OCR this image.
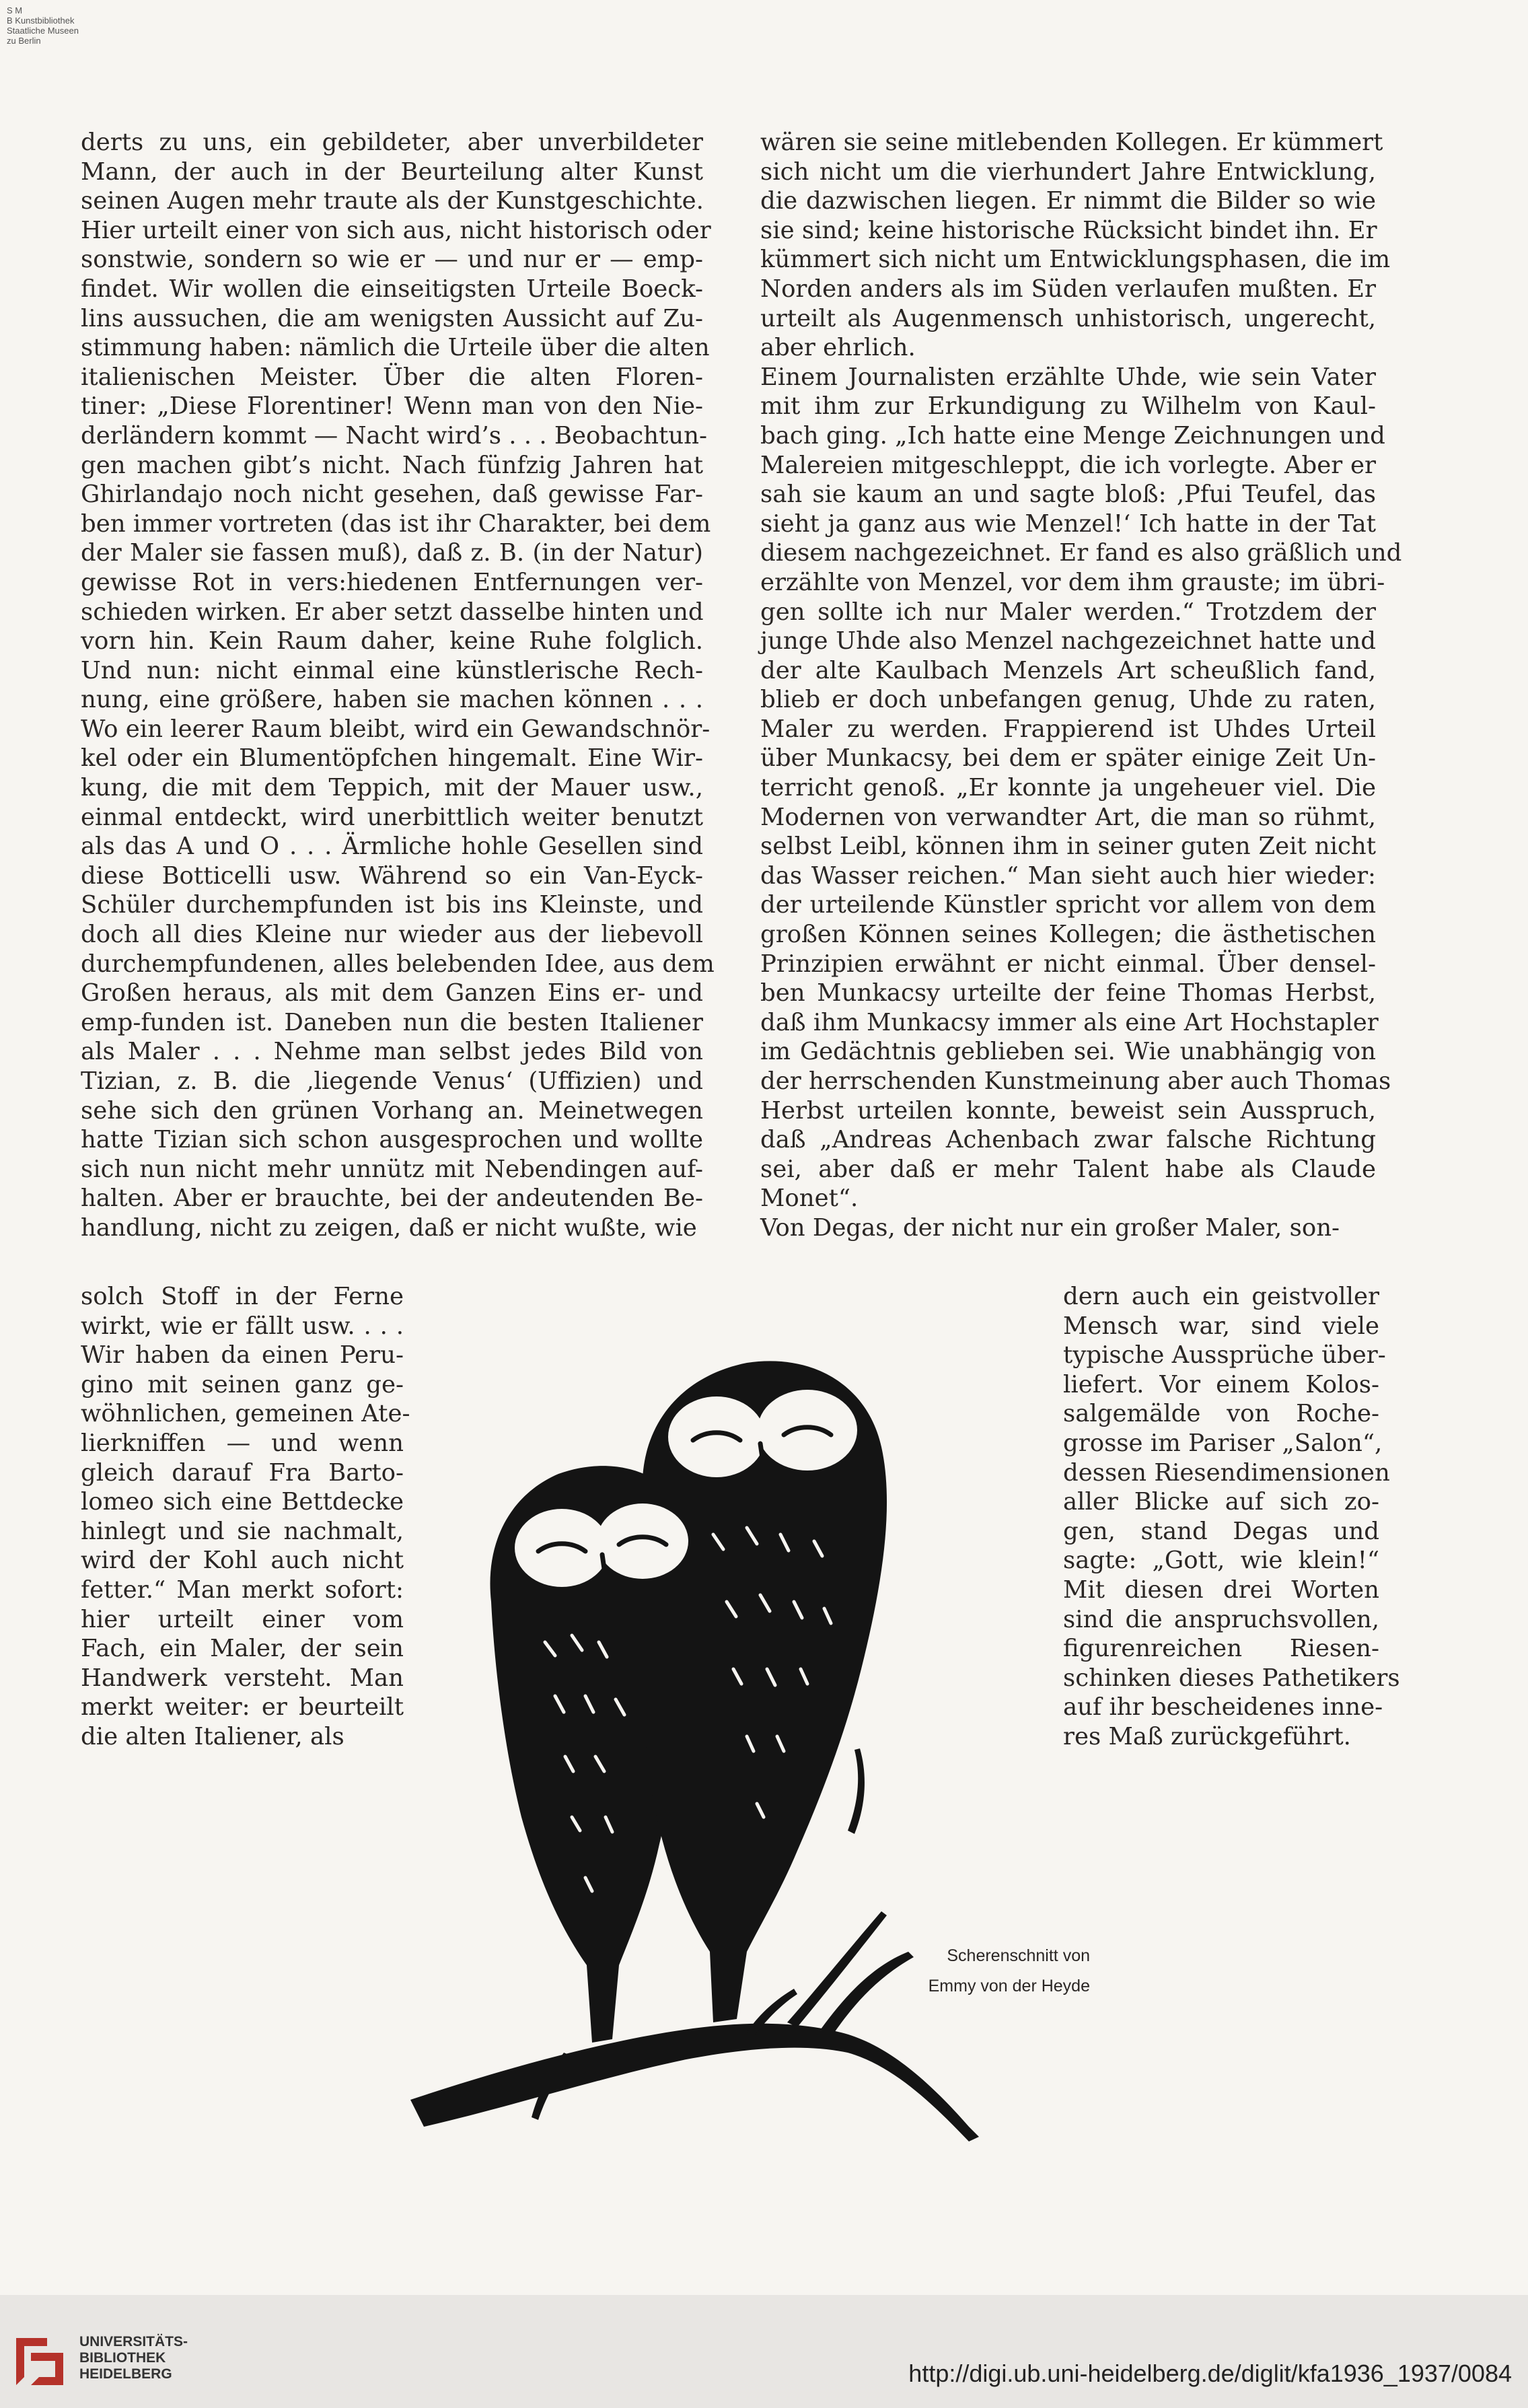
S M
B Kunstbibliothek
Staatliche Museen
zu Berlin
derts zu uns, ein gebildeter, aber unverbildeter
Mann, der auch in der Beurteilung alter Kunst
seinen Augen mehr traute als der Kunstgeschichte.
Hier urteilt einer von sich aus, nicht historisch oder
sonstwie, sondern so wie er — und nur er — emp-
findet. Wir wollen die einseitigsten Urteile Boeck-
lins aussuchen, die am wenigsten Aussicht auf Zu-
stimmung haben: nämlich die Urteile über die alten
italienischen Meister. Über die alten Floren-
tiner: „Diese Florentiner! Wenn man von den Nie-
derländern kommt — Nacht wird’s . . . Beobachtun-
gen machen gibt’s nicht. Nach fünfzig Jahren hat
Ghirlandajo noch nicht gesehen, daß gewisse Far-
ben immer vortreten (das ist ihr Charakter, bei dem
der Maler sie fassen muß), daß z. B. (in der Natur)
gewisse Rot in vers:hiedenen Entfernungen ver-
schieden wirken. Er aber setzt dasselbe hinten und
vorn hin. Kein Raum daher, keine Ruhe folglich.
Und nun: nicht einmal eine künstlerische Rech-
nung, eine größere, haben sie machen können . . .
Wo ein leerer Raum bleibt, wird ein Gewandschnör-
kel oder ein Blumentöpfchen hingemalt. Eine Wir-
kung, die mit dem Teppich, mit der Mauer usw.,
einmal entdeckt, wird unerbittlich weiter benutzt
als das A und O . . . Ärmliche hohle Gesellen sind
diese Botticelli usw. Während so ein Van-Eyck-
Schüler durchempfunden ist bis ins Kleinste, und
doch all dies Kleine nur wieder aus der liebevoll
durchempfundenen, alles belebenden Idee, aus dem
Großen heraus, als mit dem Ganzen Eins er- und
emp-funden ist. Daneben nun die besten Italiener
als Maler . . . Nehme man selbst jedes Bild von
Tizian, z. B. die ‚liegende Venus‘ (Uffizien) und
sehe sich den grünen Vorhang an. Meinetwegen
hatte Tizian sich schon ausgesprochen und wollte
sich nun nicht mehr unnütz mit Nebendingen auf-
halten. Aber er brauchte, bei der andeutenden Be-
handlung, nicht zu zeigen, daß er nicht wußte, wie
wären sie seine mitlebenden Kollegen. Er kümmert
sich nicht um die vierhundert Jahre Entwicklung,
die dazwischen liegen. Er nimmt die Bilder so wie
sie sind; keine historische Rücksicht bindet ihn. Er
kümmert sich nicht um Entwicklungsphasen, die im
Norden anders als im Süden verlaufen mußten. Er
urteilt als Augenmensch unhistorisch, ungerecht,
aber ehrlich.
Einem Journalisten erzählte Uhde, wie sein Vater
mit ihm zur Erkundigung zu Wilhelm von Kaul-
bach ging. „Ich hatte eine Menge Zeichnungen und
Malereien mitgeschleppt, die ich vorlegte. Aber er
sah sie kaum an und sagte bloß: ‚Pfui Teufel, das
sieht ja ganz aus wie Menzel!‘ Ich hatte in der Tat
diesem nachgezeichnet. Er fand es also gräßlich und
erzählte von Menzel, vor dem ihm grauste; im übri-
gen sollte ich nur Maler werden.“ Trotzdem der
junge Uhde also Menzel nachgezeichnet hatte und
der alte Kaulbach Menzels Art scheußlich fand,
blieb er doch unbefangen genug, Uhde zu raten,
Maler zu werden. Frappierend ist Uhdes Urteil
über Munkacsy, bei dem er später einige Zeit Un-
terricht genoß. „Er konnte ja ungeheuer viel. Die
Modernen von verwandter Art, die man so rühmt,
selbst Leibl, können ihm in seiner guten Zeit nicht
das Wasser reichen.“ Man sieht auch hier wieder:
der urteilende Künstler spricht vor allem von dem
großen Können seines Kollegen; die ästhetischen
Prinzipien erwähnt er nicht einmal. Über densel-
ben Munkacsy urteilte der feine Thomas Herbst,
daß ihm Munkacsy immer als eine Art Hochstapler
im Gedächtnis geblieben sei. Wie unabhängig von
der herrschenden Kunstmeinung aber auch Thomas
Herbst urteilen konnte, beweist sein Ausspruch,
daß „Andreas Achenbach zwar falsche Richtung
sei, aber daß er mehr Talent habe als Claude
Monet“.
Von Degas, der nicht nur ein großer Maler, son-
solch Stoff in der Ferne
wirkt, wie er fällt usw. . . .
Wir haben da einen Peru-
gino mit seinen ganz ge-
wöhnlichen, gemeinen Ate-
lierkniffen — und wenn
gleich darauf Fra Barto-
lomeo sich eine Bettdecke
hinlegt und sie nachmalt,
wird der Kohl auch nicht
fetter.“ Man merkt sofort:
hier urteilt einer vom
Fach, ein Maler, der sein
Handwerk versteht. Man
merkt weiter: er beurteilt
die alten Italiener, als
dern auch ein geistvoller
Mensch war, sind viele
typische Aussprüche über-
liefert. Vor einem Kolos-
salgemälde von Roche-
grosse im Pariser „Salon“,
dessen Riesendimensionen
aller Blicke auf sich zo-
gen, stand Degas und
sagte: „Gott, wie klein!“
Mit diesen drei Worten
sind die anspruchsvollen,
figurenreichen Riesen-
schinken dieses Pathetikers
auf ihr bescheidenes inne-
res Maß zurückgeführt.
Scherenschnitt von
Emmy von der Heyde
UNIVERSITÄTS-
BIBLIOTHEK
HEIDELBERG	http://digi.ub.uni-heidelberg.de/diglit/kfa1936_1937/0084
